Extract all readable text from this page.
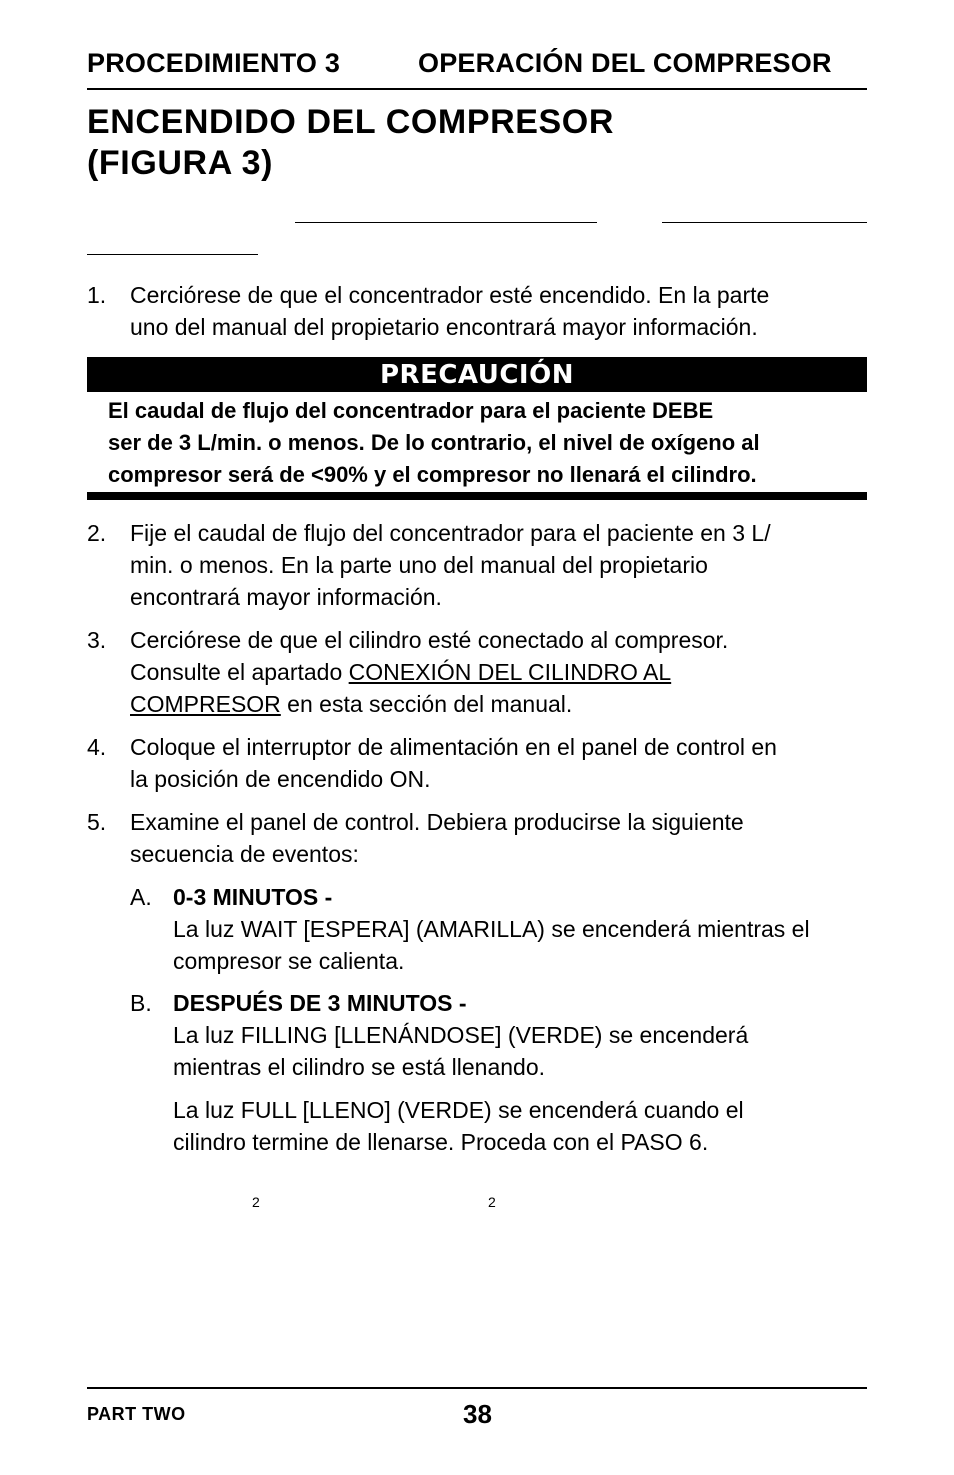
PROCEDIMIENTO 3	OPERACIÓN DEL COMPRESOR
ENCENDIDO DEL COMPRESOR
(FIGURA 3)
1. Cerciórese de que el concentrador esté encendido. En la parte
uno del manual del propietario encontrará mayor información.
PRECAUCIÓN
El caudal de flujo del concentrador para el paciente DEBE
ser de 3 L/min. o menos. De lo contrario, el nivel de oxígeno al
compresor será de <90% y el compresor no llenará el cilindro.
2. Fije el caudal de flujo del concentrador para el paciente en 3 L/
min. o menos. En la parte uno del manual del propietario
encontrará mayor información.
3. Cerciórese de que el cilindro esté conectado al compresor.
Consulte el apartado CONEXIÓN DEL CILINDRO AL
COMPRESOR en esta sección del manual.
4. Coloque el interruptor de alimentación en el panel de control en
la posición de encendido ON.
5. Examine el panel de control. Debiera producirse la siguiente
secuencia de eventos:
A. 0-3 MINUTOS -
La luz WAIT [ESPERA] (AMARILLA) se encenderá mientras el
compresor se calienta.
B. DESPUÉS DE 3 MINUTOS -
La luz FILLING [LLENÁNDOSE] (VERDE) se encenderá
mientras el cilindro se está llenando.
La luz FULL [LLENO] (VERDE) se encenderá cuando el
cilindro termine de llenarse. Proceda con el PASO 6.
2	2
PART TWO	38
